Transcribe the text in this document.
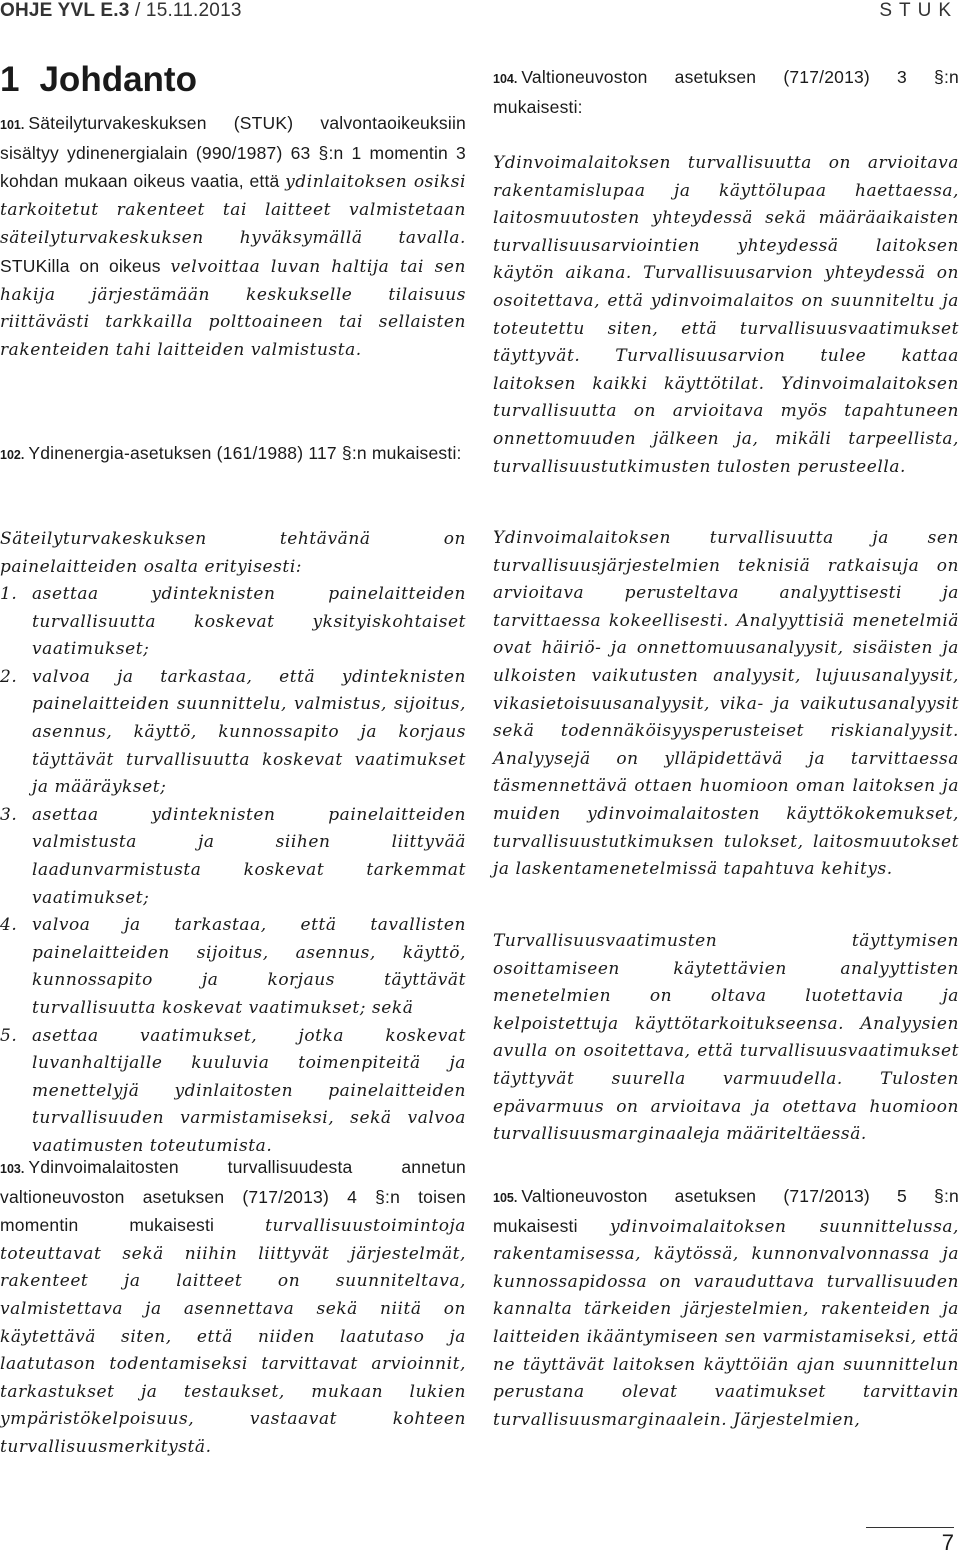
OHJE YVL E.3 / 15.11.2013	STUK
1 Johdanto

101. Säteilyturvakeskuksen (STUK) valvontaoikeuksiin sisältyy ydinenergialain (990/1987) 63 §:n 1 momentin 3 kohdan mukaan oikeus vaatia, että ydinlaitoksen osiksi tarkoitetut rakenteet tai laitteet valmistetaan säteilyturvakeskuksen hyväksymällä tavalla. STUKilla on oikeus velvoittaa luvan haltija tai sen hakija järjestämään keskukselle tilaisuus riittävästi tarkkailla polttoaineen tai sellaisten rakenteiden tahi laitteiden valmistusta.

102. Ydinenergia-asetuksen (161/1988) 117 §:n mukaisesti:

Säteilyturvakeskuksen tehtävänä on painelaitteiden osalta erityisesti:

1. asettaa ydinteknisten painelaitteiden turvallisuutta koskevat yksityiskohtaiset vaatimukset;
2. valvoa ja tarkastaa, että ydinteknisten painelaitteiden suunnittelu, valmistus, sijoitus, asennus, käyttö, kunnossapito ja korjaus täyttävät turvallisuutta koskevat vaatimukset ja määräykset;
3. asettaa ydinteknisten painelaitteiden valmistusta ja siihen liittyvää laadunvarmistusta koskevat tarkemmat vaatimukset;
4. valvoa ja tarkastaa, että tavallisten painelaitteiden sijoitus, asennus, käyttö, kunnossapito ja korjaus täyttävät turvallisuutta koskevat vaatimukset; sekä
5. asettaa vaatimukset, jotka koskevat luvanhaltijalle kuuluvia toimenpiteitä ja menettelyjä ydinlaitosten painelaitteiden turvallisuuden varmistamiseksi, sekä valvoa vaatimusten toteutumista.

103. Ydinvoimalaitosten turvallisuudesta annetun valtioneuvoston asetuksen (717/2013) 4 §:n toisen momentin mukaisesti turvallisuustoimintoja toteuttavat sekä niihin liittyvät järjestelmät, rakenteet ja laitteet on suunniteltava, valmistettava ja asennettava sekä niitä on käytettävä siten, että niiden laatutaso ja laatutason todentamiseksi tarvittavat arvioinnit, tarkastukset ja testaukset, mukaan lukien ympäristökelpoisuus, vastaavat kohteen turvallisuusmerkitystä.

104. Valtioneuvoston asetuksen (717/2013) 3 §:n mukaisesti:

Ydinvoimalaitoksen turvallisuutta on arvioitava rakentamislupaa ja käyttölupaa haettaessa, laitosmuutosten yhteydessä sekä määräaikaisten turvallisuusarviointien yhteydessä laitoksen käytön aikana. Turvallisuusarvion yhteydessä on osoitettava, että ydinvoimalaitos on suunniteltu ja toteutettu siten, että turvallisuusvaatimukset täyttyvät. Turvallisuusarvion tulee kattaa laitoksen kaikki käyttötilat. Ydinvoimalaitoksen turvallisuutta on arvioitava myös tapahtuneen onnettomuuden jälkeen ja, mikäli tarpeellista, turvallisuustutkimusten tulosten perusteella.

Ydinvoimalaitoksen turvallisuutta ja sen turvallisuusjärjestelmien teknisiä ratkaisuja on arvioitava perusteltava analyyttisesti ja tarvittaessa kokeellisesti. Analyyttisiä menetelmiä ovat häiriö- ja onnettomuusanalyysit, sisäisten ja ulkoisten vaikutusten analyysit, lujuusanalyysit, vikasietoisuusanalyysit, vika- ja vaikutusanalyysit sekä todennäköisyysperusteiset riskianalyysit. Analyysejä on ylläpidettävä ja tarvittaessa täsmennettävä ottaen huomioon oman laitoksen ja muiden ydinvoimalaitosten käyttökokemukset, turvallisuustutkimuksen tulokset, laitosmuutokset ja laskentamenetelmissä tapahtuva kehitys.

Turvallisuusvaatimusten täyttymisen osoittamiseen käytettävien analyyttisten menetelmien on oltava luotettavia ja kelpoistettuja käyttötarkoitukseensa. Analyysien avulla on osoitettava, että turvallisuusvaatimukset täyttyvät suurella varmuudella. Tulosten epävarmuus on arvioitava ja otettava huomioon turvallisuusmarginaaleja määriteltäessä.

105. Valtioneuvoston asetuksen (717/2013) 5 §:n mukaisesti ydinvoimalaitoksen suunnittelussa, rakentamisessa, käytössä, kunnonvalvonnassa ja kunnossapidossa on varauduttava turvallisuuden kannalta tärkeiden järjestelmien, rakenteiden ja laitteiden ikääntymiseen sen varmistamiseksi, että ne täyttävät laitoksen käyttöiän ajan suunnittelun perustana olevat vaatimukset tarvittavin turvallisuusmarginaalein. Järjestelmien,

7
